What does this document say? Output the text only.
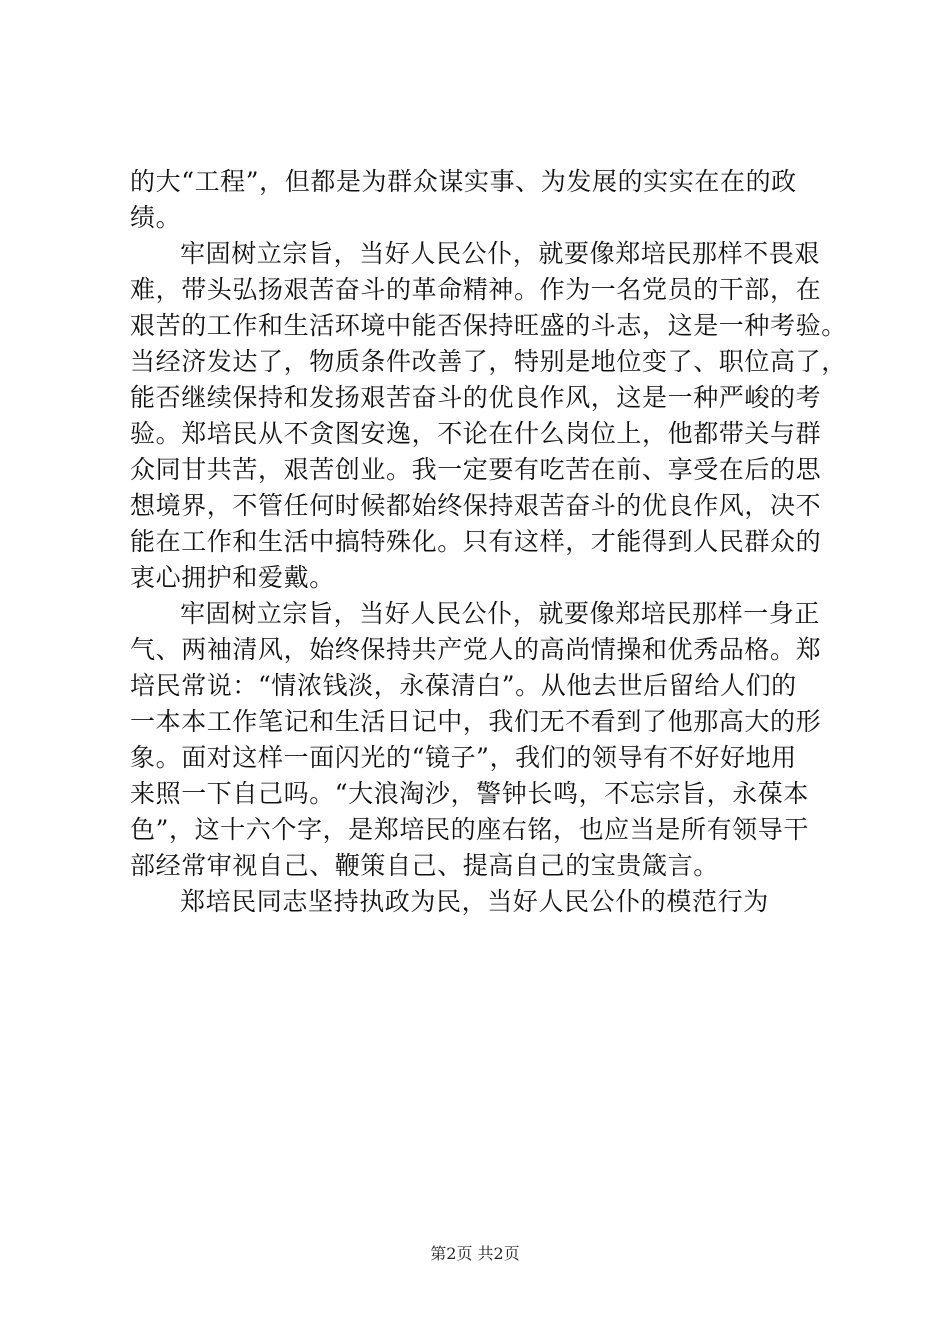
的大“工程”，但都是为群众谋实事、为发展的实实在在的政
绩。
牢固树立宗旨，当好人民公仆，就要像郑培民那样不畏艰
难，带头弘扬艰苦奋斗的革命精神。作为一名党员的干部，在
艰苦的工作和生活环境中能否保持旺盛的斗志，这是一种考验。
当经济发达了，物质条件改善了，特别是地位变了、职位高了，
能否继续保持和发扬艰苦奋斗的优良作风，这是一种严峻的考
验。郑培民从不贪图安逸，不论在什么岗位上，他都带关与群
众同甘共苦，艰苦创业。我一定要有吃苦在前、享受在后的思
想境界，不管任何时候都始终保持艰苦奋斗的优良作风，决不
能在工作和生活中搞特殊化。只有这样，才能得到人民群众的
衷心拥护和爱戴。
牢固树立宗旨，当好人民公仆，就要像郑培民那样一身正
气、两袖清风，始终保持共产党人的高尚情操和优秀品格。郑
培民常说：“情浓钱淡，永葆清白”。从他去世后留给人们的
一本本工作笔记和生活日记中，我们无不看到了他那高大的形
象。面对这样一面闪光的“镜子”，我们的领导有不好好地用
来照一下自己吗。“大浪淘沙，警钟长鸣，不忘宗旨，永葆本
色”，这十六个字，是郑培民的座右铭，也应当是所有领导干
部经常审视自己、鞭策自己、提高自己的宝贵箴言。
郑培民同志坚持执政为民，当好人民公仆的模范行为
第2页 共2页
